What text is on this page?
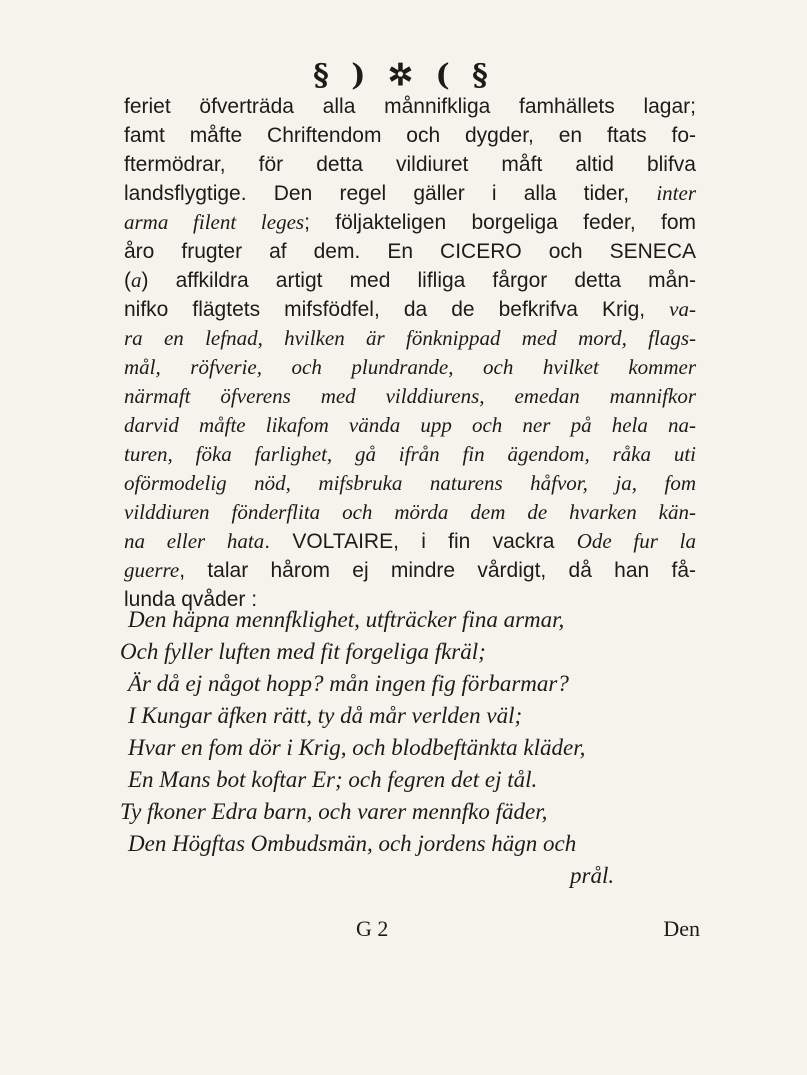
§ ) ✲ ( §
feriet öfverträda alla månnifkliga famhällets lagar;
famt måfte Chriftendom och dygder, en ftats fo-
ftermödrar, för detta vildiuret måft altid blifva
landsflygtige. Den regel gäller i alla tider, inter
arma filent leges; följakteligen borgeliga feder, fom
åro frugter af dem. En CICERO och SENECA
(a) affkildra artigt med lifliga fårgor detta mån-
nifko flägtets mifsfödfel, da de befkrifva Krig, va-
ra en lefnad, hvilken är fönknippad med mord, flags-
mål, röfverie, och plundrande, och hvilket kommer
närmaft öfverens med vilddiurens, emedan mannifkor
darvid måfte likafom vända upp och ner på hela na-
turen, föka farlighet, gå ifrån fin ägendom, råka uti
oförmodelig nöd, mifsbruka naturens håfvor, ja, fom
vilddiuren fönderflita och mörda dem de hvarken kän-
na eller hata. VOLTAIRE, i fin vackra Ode fur la
guerre, talar hårom ej mindre vårdigt, då han få-
lunda qvåder :
Den häpna mennfklighet, utfträcker fina armar,
Och fyller luften med fit forgeliga fkräl;
Är då ej något hopp? mån ingen fig förbarmar?
I Kungar äfken rätt, ty då mår verlden väl;
Hvar en fom dör i Krig, och blodbeftänkta kläder,
En Mans bot koftar Er; och fegren det ej tål.
Ty fkoner Edra barn, och varer mennfko fäder,
Den Högftas Ombudsmän, och jordens hägn och
prål.
G 2	Den
